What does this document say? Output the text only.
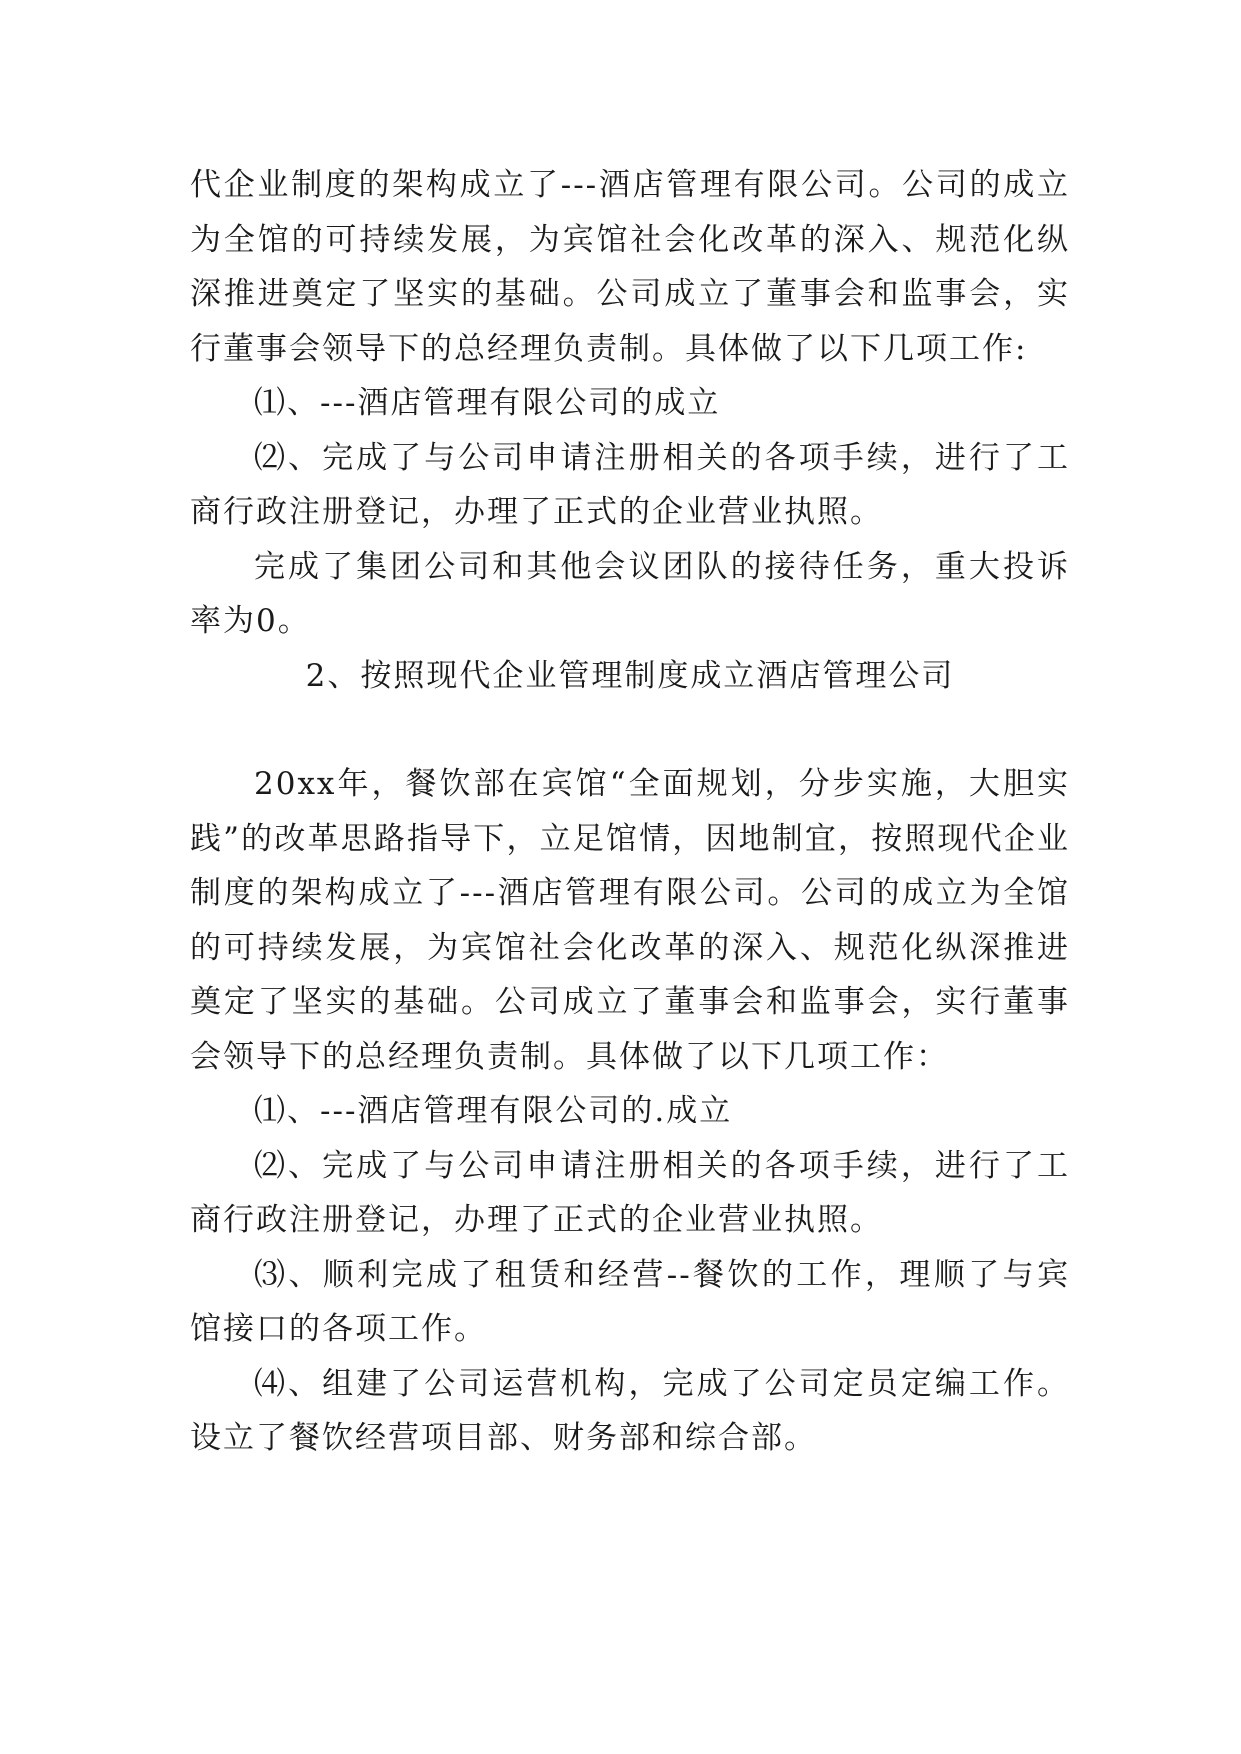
代企业制度的架构成立了---酒店管理有限公司。公司的成立为全馆的可持续发展，为宾馆社会化改革的深入、规范化纵深推进奠定了坚实的基础。公司成立了董事会和监事会，实行董事会领导下的总经理负责制。具体做了以下几项工作:

⑴、---酒店管理有限公司的成立

⑵、完成了与公司申请注册相关的各项手续，进行了工商行政注册登记，办理了正式的企业营业执照。

完成了集团公司和其他会议团队的接待任务，重大投诉率为0。

2、按照现代企业管理制度成立酒店管理公司

20xx年，餐饮部在宾馆“全面规划，分步实施，大胆实践”的改革思路指导下，立足馆情，因地制宜，按照现代企业制度的架构成立了---酒店管理有限公司。公司的成立为全馆的可持续发展，为宾馆社会化改革的深入、规范化纵深推进奠定了坚实的基础。公司成立了董事会和监事会，实行董事会领导下的总经理负责制。具体做了以下几项工作：

⑴、---酒店管理有限公司的.成立

⑵、完成了与公司申请注册相关的各项手续，进行了工商行政注册登记，办理了正式的企业营业执照。

⑶、顺利完成了租赁和经营--餐饮的工作，理顺了与宾馆接口的各项工作。

⑷、组建了公司运营机构，完成了公司定员定编工作。设立了餐饮经营项目部、财务部和综合部。
